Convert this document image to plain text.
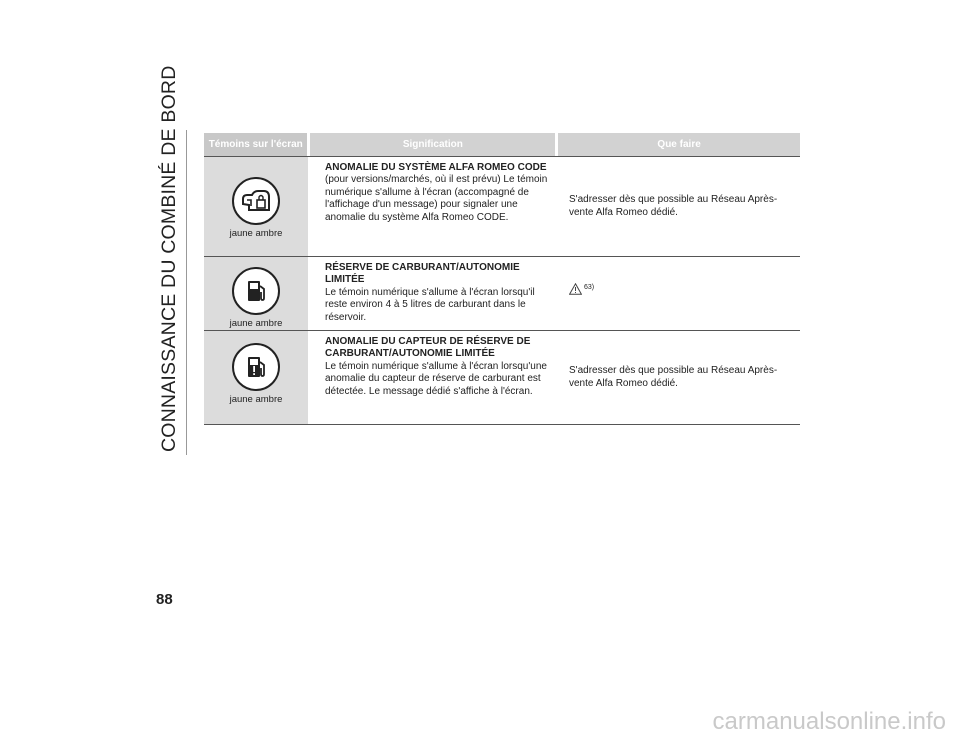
CONNAISSANCE DU COMBINÉ DE BORD
88
Témoins sur l'écran	Signification	Que faire
jaune ambre
ANOMALIE DU SYSTÈME ALFA ROMEO CODE
(pour versions/marchés, où il est prévu) Le témoin numérique s'allume à l'écran (accompagné de l'affichage d'un message) pour signaler une anomalie du système Alfa Romeo CODE.
S'adresser dès que possible au Réseau Après-vente Alfa Romeo dédié.
jaune ambre
RÉSERVE DE CARBURANT/AUTONOMIE LIMITÉE
Le témoin numérique s'allume à l'écran lorsqu'il reste environ 4 à 5 litres de carburant dans le réservoir.
63)
jaune ambre
ANOMALIE DU CAPTEUR DE RÉSERVE DE CARBURANT/AUTONOMIE LIMITÉE
Le témoin numérique s'allume à l'écran lorsqu'une anomalie du capteur de réserve de carburant est détectée. Le message dédié s'affiche à l'écran.
S'adresser dès que possible au Réseau Après-vente Alfa Romeo dédié.
carmanualsonline.info
